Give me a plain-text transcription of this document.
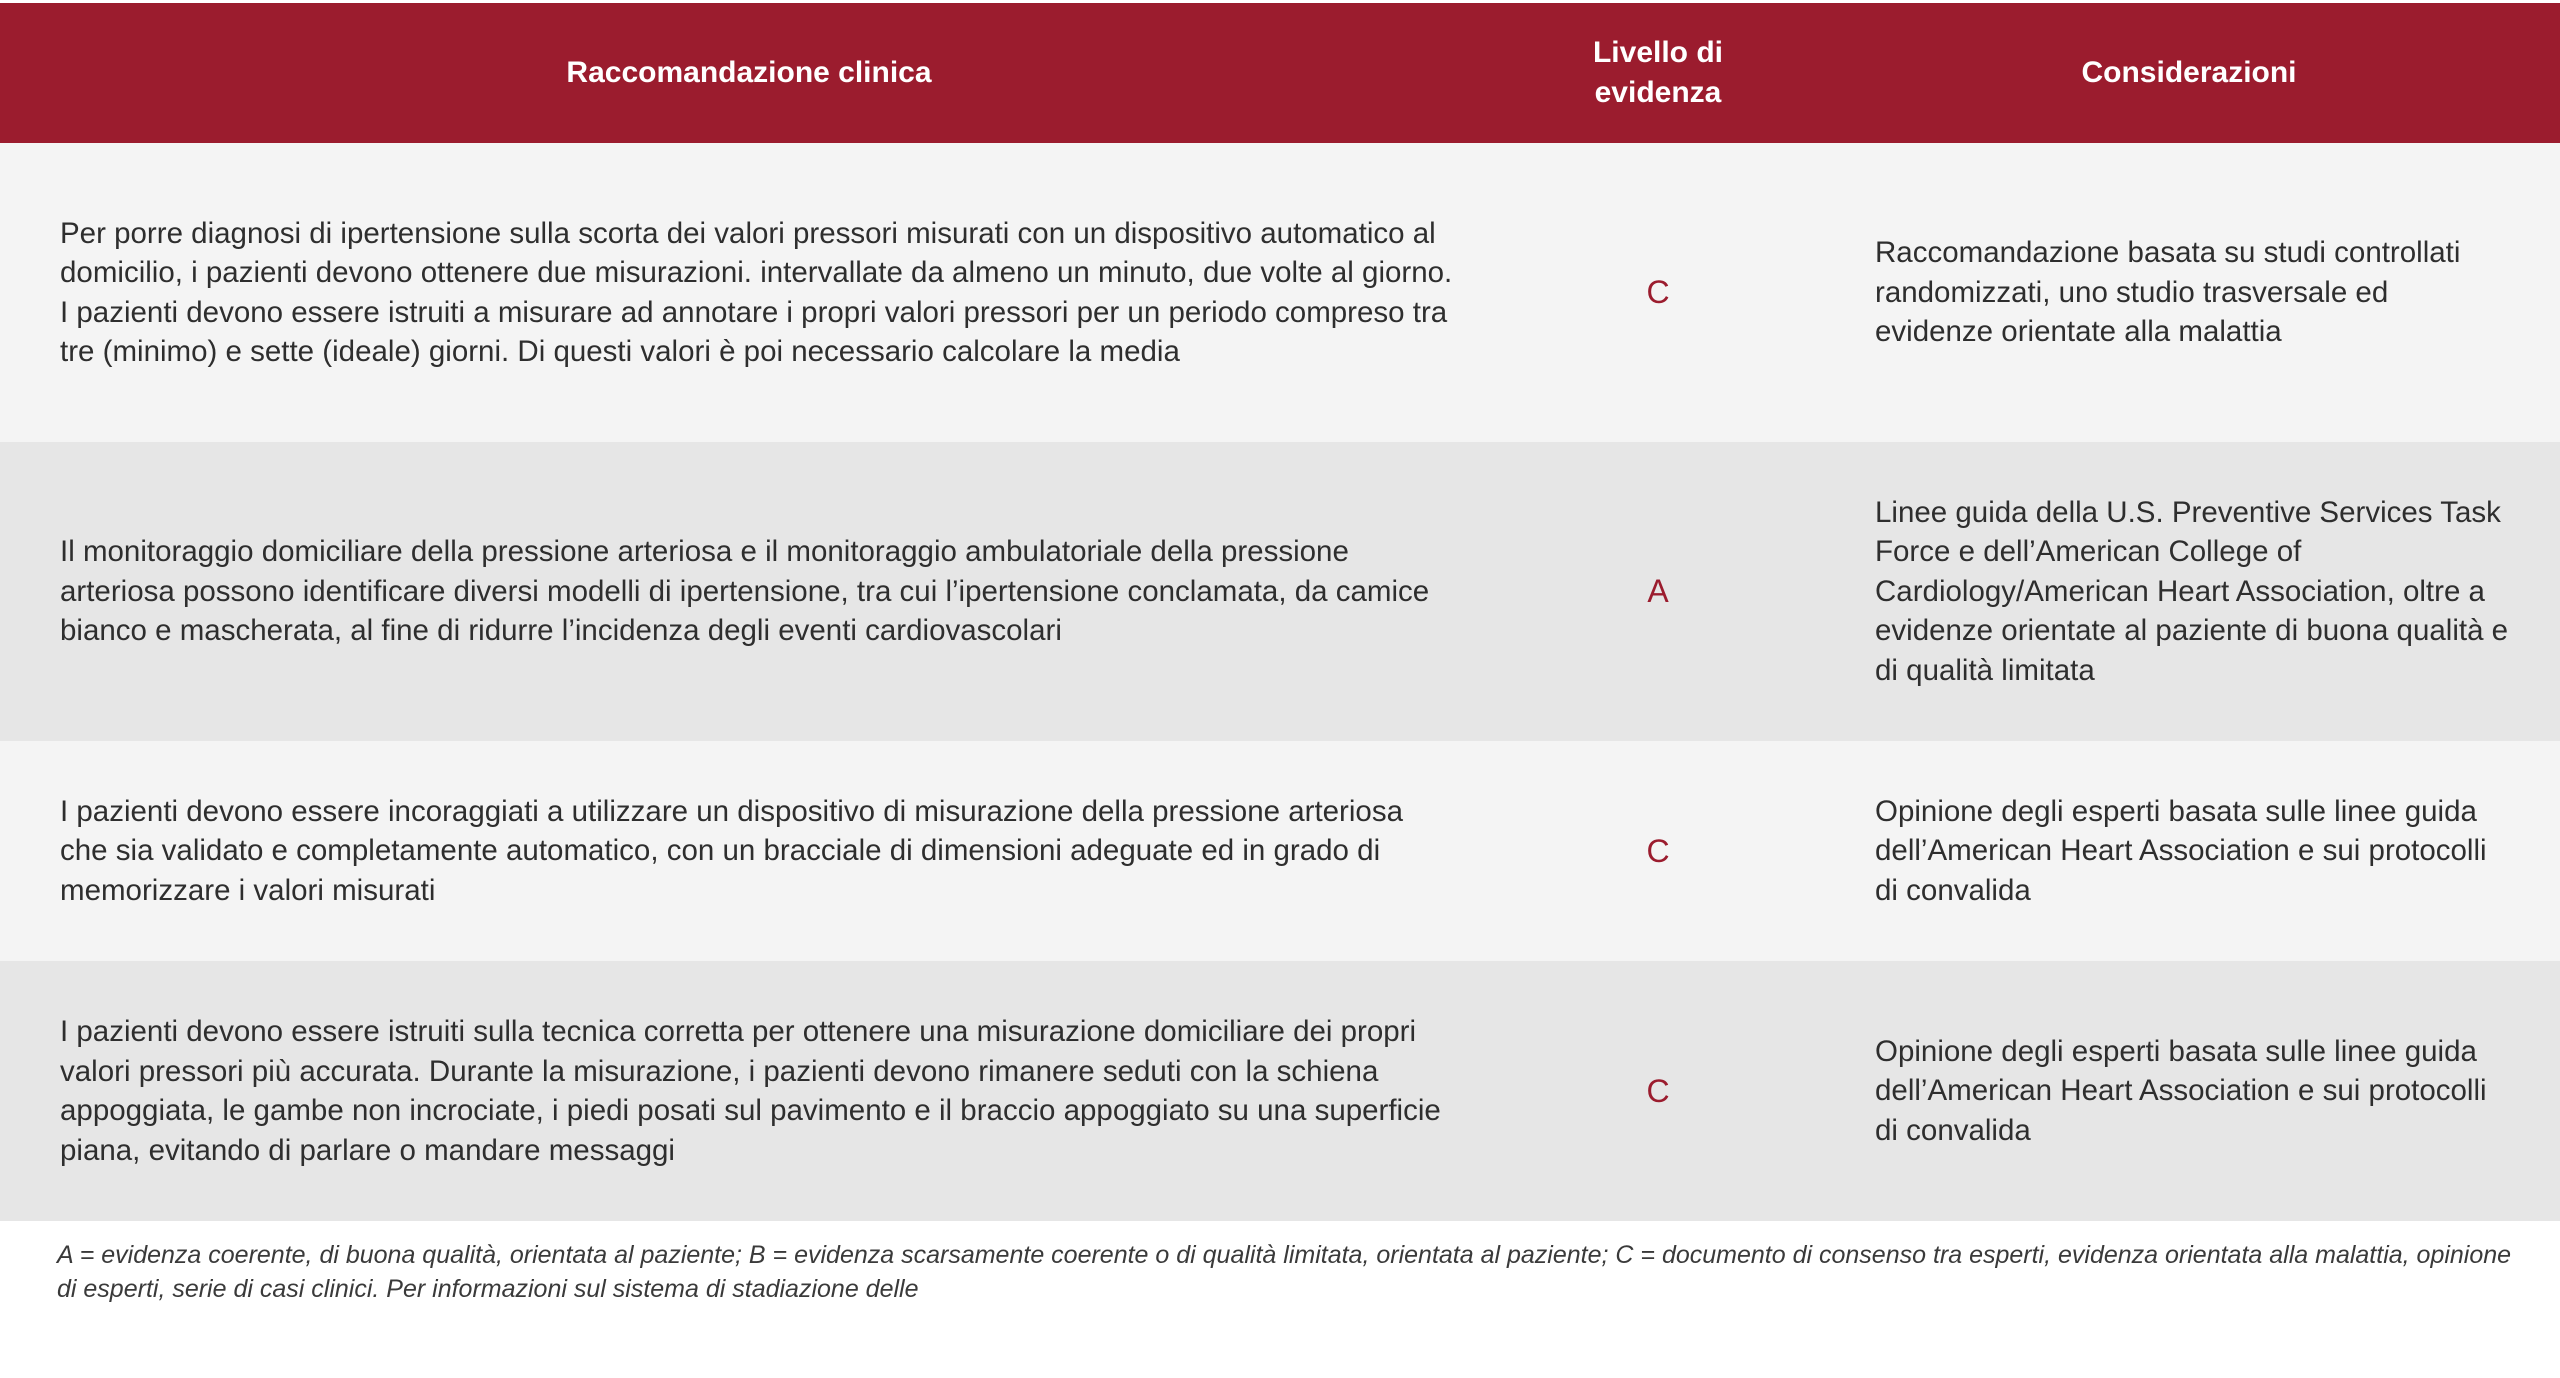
Raccomandazione clinica
Livello di
evidenza
Considerazioni
Per porre diagnosi di ipertensione sulla scorta dei valori pressori misurati con un dispositivo automatico al domicilio, i pazienti devono ottenere due misurazioni. intervallate da almeno un minuto, due volte al giorno. I pazienti devono essere istruiti a misurare ad annotare i propri valori pressori per un periodo compreso tra tre (minimo) e sette (ideale) giorni. Di questi valori è poi necessario calcolare la media
C
Raccomandazione basata su studi controllati randomizzati, uno studio trasversale ed evidenze orientate alla malattia
Il monitoraggio domiciliare della pressione arteriosa e il monitoraggio ambulatoriale della pressione arteriosa possono identificare diversi modelli di ipertensione, tra cui l’ipertensione conclamata, da camice bianco e mascherata, al fine di ridurre l’incidenza degli eventi cardiovascolari
A
Linee guida della U.S. Preventive Services Task Force e dell’American College of Cardiology/American Heart Association, oltre a evidenze orientate al paziente di buona qualità e di qualità limitata
I pazienti devono essere incoraggiati a utilizzare un dispositivo di misurazione della pressione arteriosa che sia validato e completamente automatico, con un bracciale di dimensioni adeguate ed in grado di memorizzare i valori misurati
C
Opinione degli esperti basata sulle linee guida dell’American Heart Association e sui protocolli di convalida
I pazienti devono essere istruiti sulla tecnica corretta per ottenere una misurazione domiciliare dei propri valori pressori più accurata. Durante la misurazione, i pazienti devono rimanere seduti con la schiena appoggiata, le gambe non incrociate, i piedi posati sul pavimento e il braccio appoggiato su una superficie piana, evitando di parlare o mandare messaggi
C
Opinione degli esperti basata sulle linee guida dell’American Heart Association e sui protocolli di convalida
A = evidenza coerente, di buona qualità, orientata al paziente; B = evidenza scarsamente coerente o di qualità limitata, orientata al paziente; C = documento di consenso tra esperti, evidenza orientata alla malattia, opinione di esperti, serie di casi clinici. Per informazioni sul sistema di stadiazione delle
